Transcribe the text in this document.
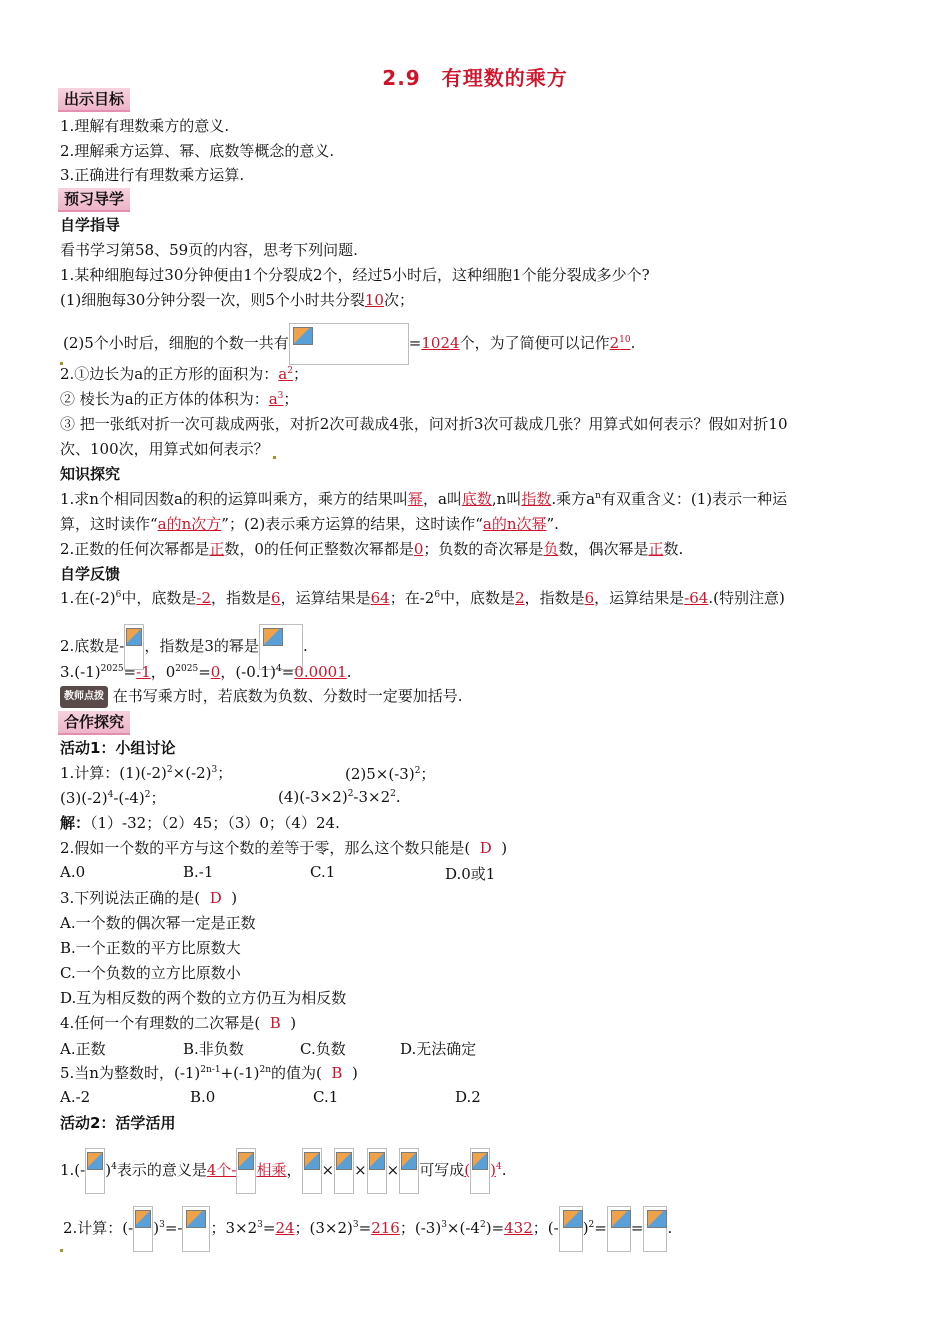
2.9　有理数的乘方
出示目标
1.理解有理数乘方的意义.
2.理解乘方运算、幂、底数等概念的意义.
3.正确进行有理数乘方运算.
预习导学
自学指导
看书学习第58、59页的内容，思考下列问题.
1.某种细胞每过30分钟便由1个分裂成2个，经过5小时后，这种细胞1个能分裂成多少个?
(1)细胞每30分钟分裂一次，则5个小时共分裂10次；
(2)5个小时后，细胞的个数一共有	=1024个，为了简便可以记作$2^{10}$.
2.①边长为a的正方形的面积为：$a^2$；
② 棱长为a的正方体的体积为：$a^3$；
③ 把一张纸对折一次可裁成两张，对折2次可裁成4张，问对折3次可裁成几张？用算式如何表示？假如对折10
次、100次，用算式如何表示？
知识探究
1.求n个相同因数a的积的运算叫乘方，乘方的结果叫幂，a叫底数,n叫指数.乘方$a^n$有双重含义：(1)表示一种运
算，这时读作“a的n次方”；(2)表示乘方运算的结果，这时读作“a的n次幂”.
2.正数的任何次幂都是正数，0的任何正整数次幂都是0；负数的奇次幂是负数，偶次幂是正数.
自学反馈
1.在$(-2)^6$中，底数是-2，指数是6，运算结果是64；在$-2^6$中，底数是2，指数是6，运算结果是-64.(特别注意)
2.底数是- ，指数是3的幂是	.
$3.(-1)^{2025}=-1$，$0^{2025}=0$，$(-0.1)^4=0.0001$.
教师点拨 在书写乘方时，若底数为负数、分数时一定要加括号.
合作探究
活动1：小组讨论
1.计算：$(1)(-2)^2\times(-2)^3$；	$(2)5\times(-3)^2$；
$(3)(-2)^4-(-4)^2$；	$(4)(-3\times 2)^2-3\times 2^2$.
解：（1）-32；（2）45；（3）0；（4）24.
2.假如一个数的平方与这个数的差等于零，那么这个数只能是( D )
A.0	B.-1	C.1	D.0或1
3.下列说法正确的是( D )
A.一个数的偶次幂一定是正数
B.一个正数的平方比原数大
C.一个负数的立方比原数小
D.互为相反数的两个数的立方仍互为相反数
4.任何一个有理数的二次幂是( B )
A.正数	B.非负数	C.负数	D.无法确定
5.当n为整数时，$(-1)^{2n-1}+(-1)^{2n}$的值为( B )
A.-2	B.0	C.1	D.2
活动2：活学活用
1.(- )$^4$表示的意义是4个- 相乘， × × × 可写成( )$^4$.
2.计算：(- )$^3$=- ；$3\times 2^3=24$；$(3\times 2)^3=216$；$(-3)^3\times(-4^2)=432$；(- )$^2$= = .
